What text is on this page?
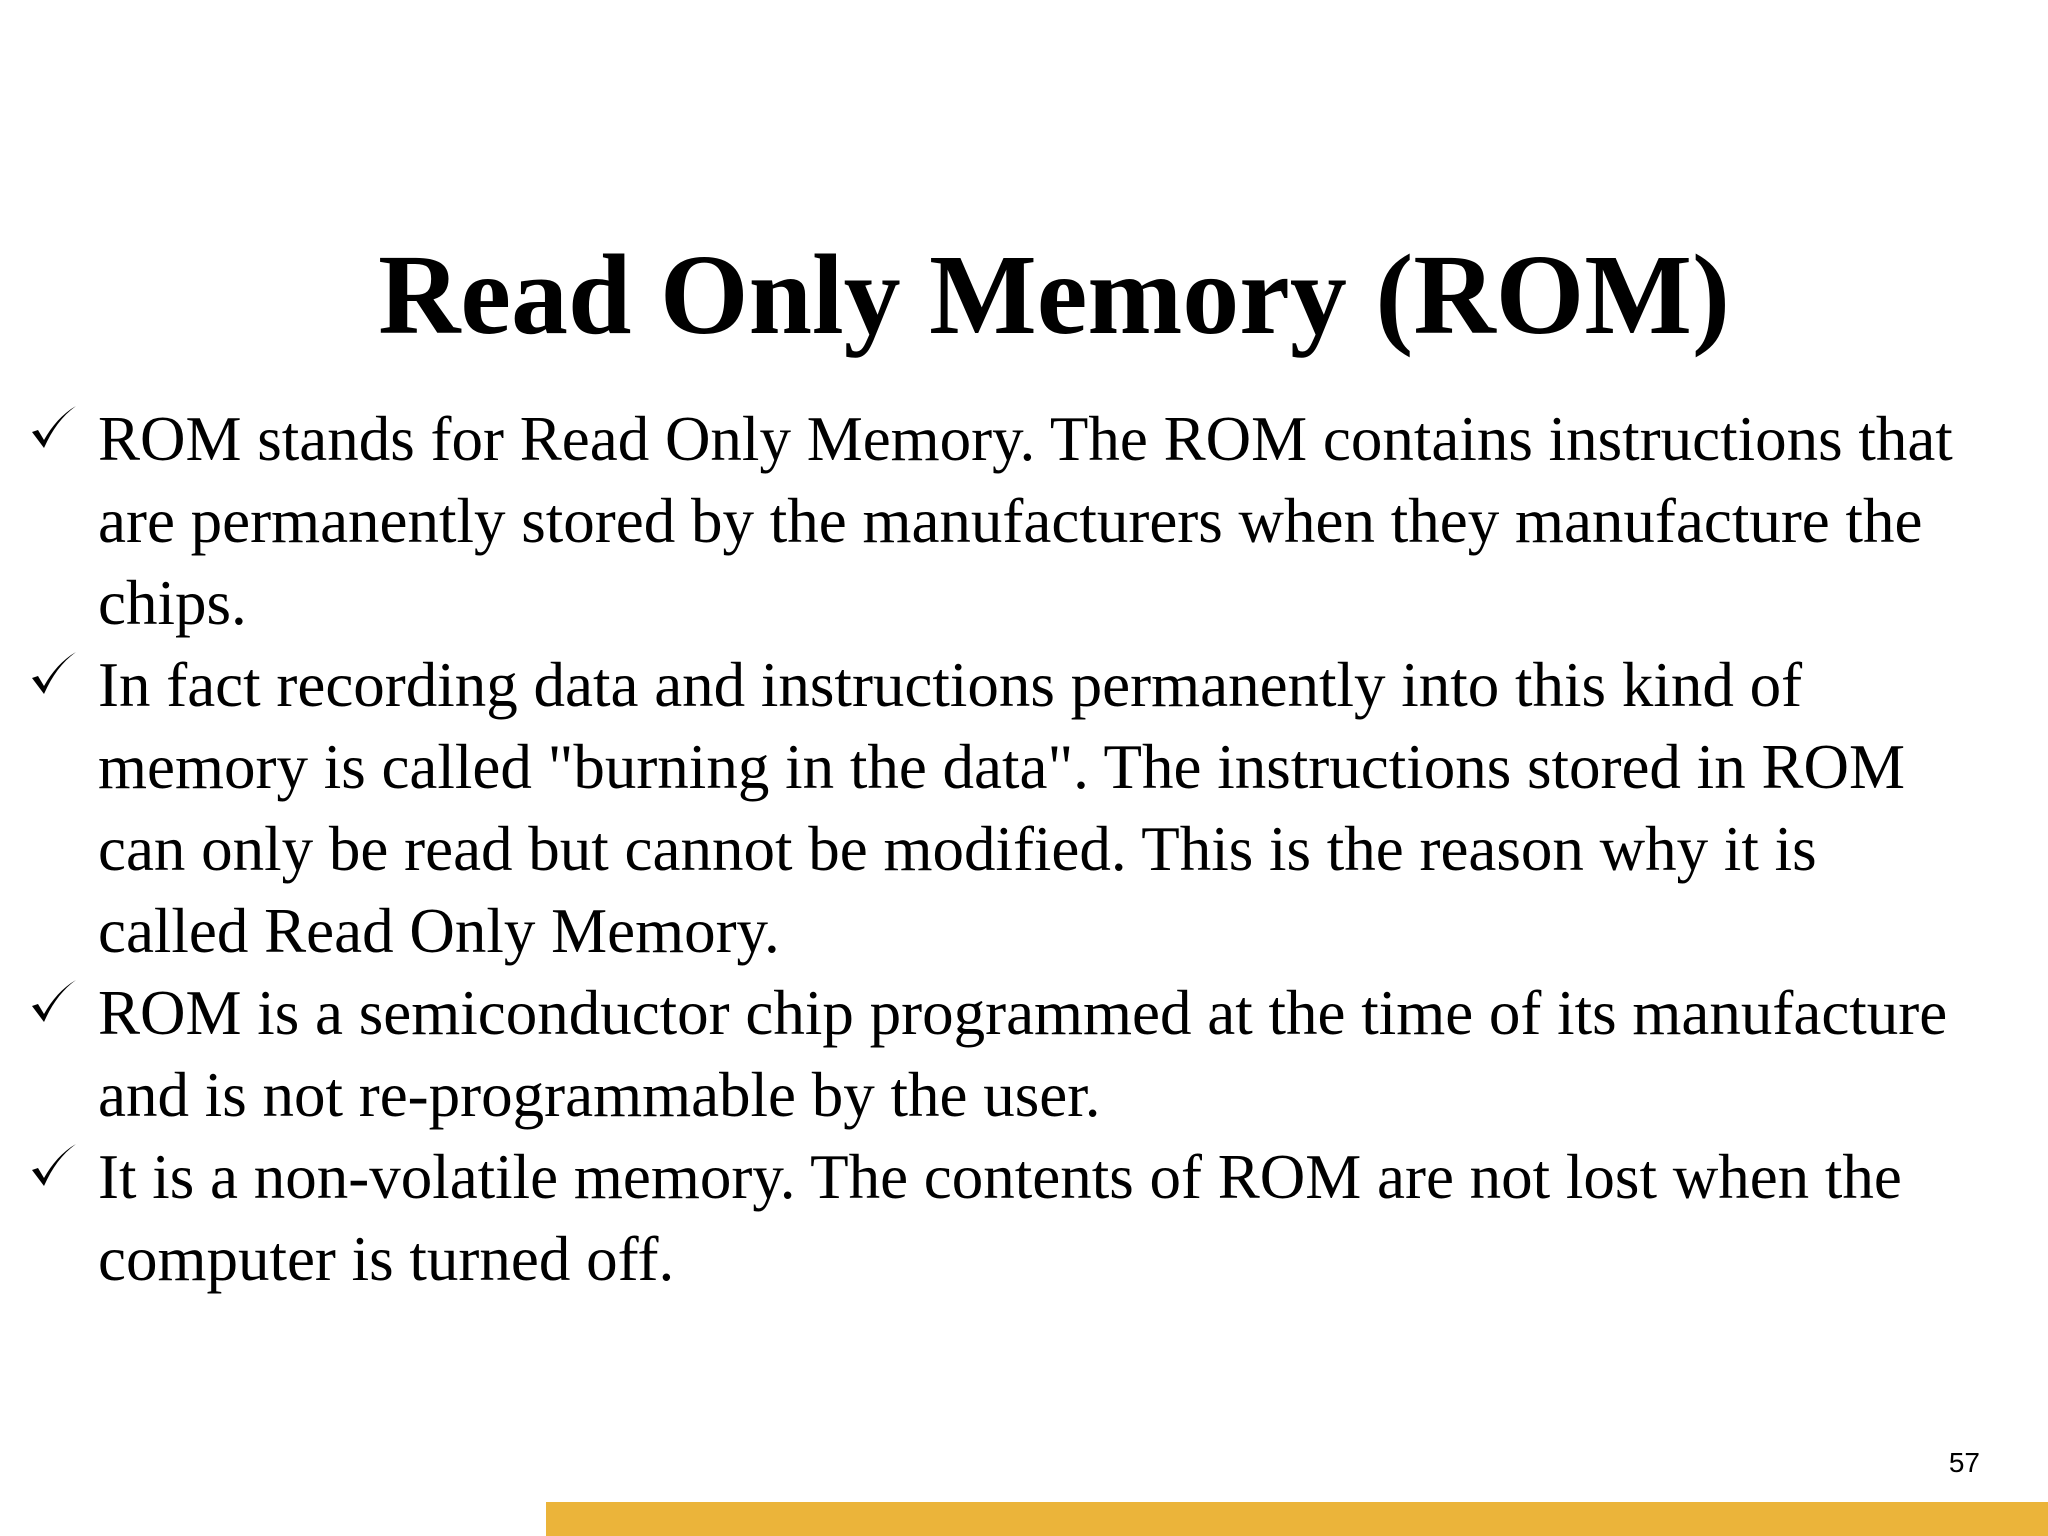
Read Only Memory (ROM)
ROM stands for Read Only Memory. The ROM contains instructions that are permanently stored by the manufacturers when they manufacture the chips.
In fact recording data and instructions permanently into this kind of memory is called "burning in the data". The instructions stored in ROM can only be read but cannot be modified. This is the reason why it is called Read Only Memory.
ROM is a semiconductor chip programmed at the time of its manufacture and is not re-programmable by the user.
It is a non-volatile memory. The contents of ROM are not lost when the computer is turned off.
57
